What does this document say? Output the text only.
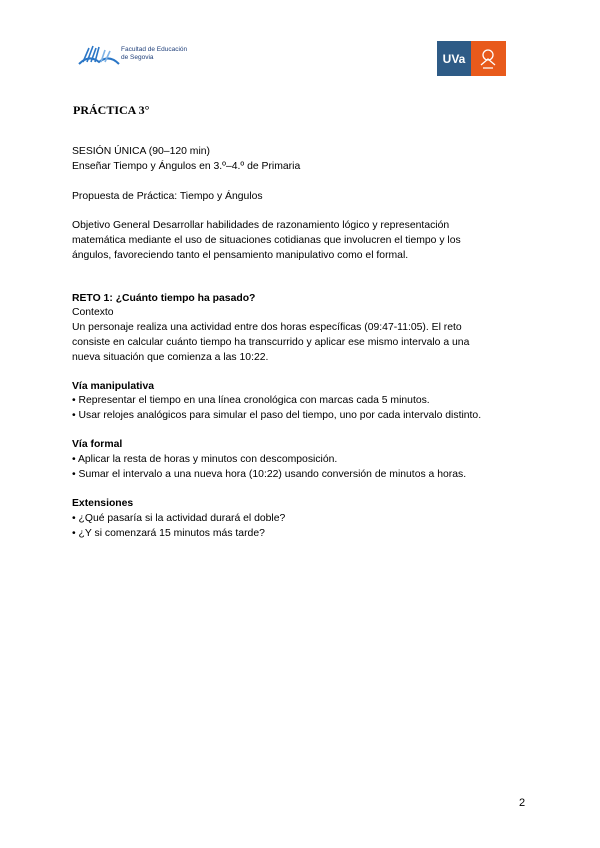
Facultad de Educación
de Segovia	UVa
PRÁCTICA 3°
SESIÓN ÚNICA (90–120 min)
Enseñar Tiempo y Ángulos en 3.º–4.º de Primaria
Propuesta de Práctica: Tiempo y Ángulos
Objetivo General Desarrollar habilidades de razonamiento lógico y representación
matemática mediante el uso de situaciones cotidianas que involucren el tiempo y los
ángulos, favoreciendo tanto el pensamiento manipulativo como el formal.
RETO 1: ¿Cuánto tiempo ha pasado?
Contexto
Un personaje realiza una actividad entre dos horas específicas (09:47-11:05). El reto
consiste en calcular cuánto tiempo ha transcurrido y aplicar ese mismo intervalo a una
nueva situación que comienza a las 10:22.
Vía manipulativa
• Representar el tiempo en una línea cronológica con marcas cada 5 minutos.
• Usar relojes analógicos para simular el paso del tiempo, uno por cada intervalo distinto.
Vía formal
• Aplicar la resta de horas y minutos con descomposición.
• Sumar el intervalo a una nueva hora (10:22) usando conversión de minutos a horas.
Extensiones
• ¿Qué pasaría si la actividad durará el doble?
• ¿Y si comenzará 15 minutos más tarde?
2
